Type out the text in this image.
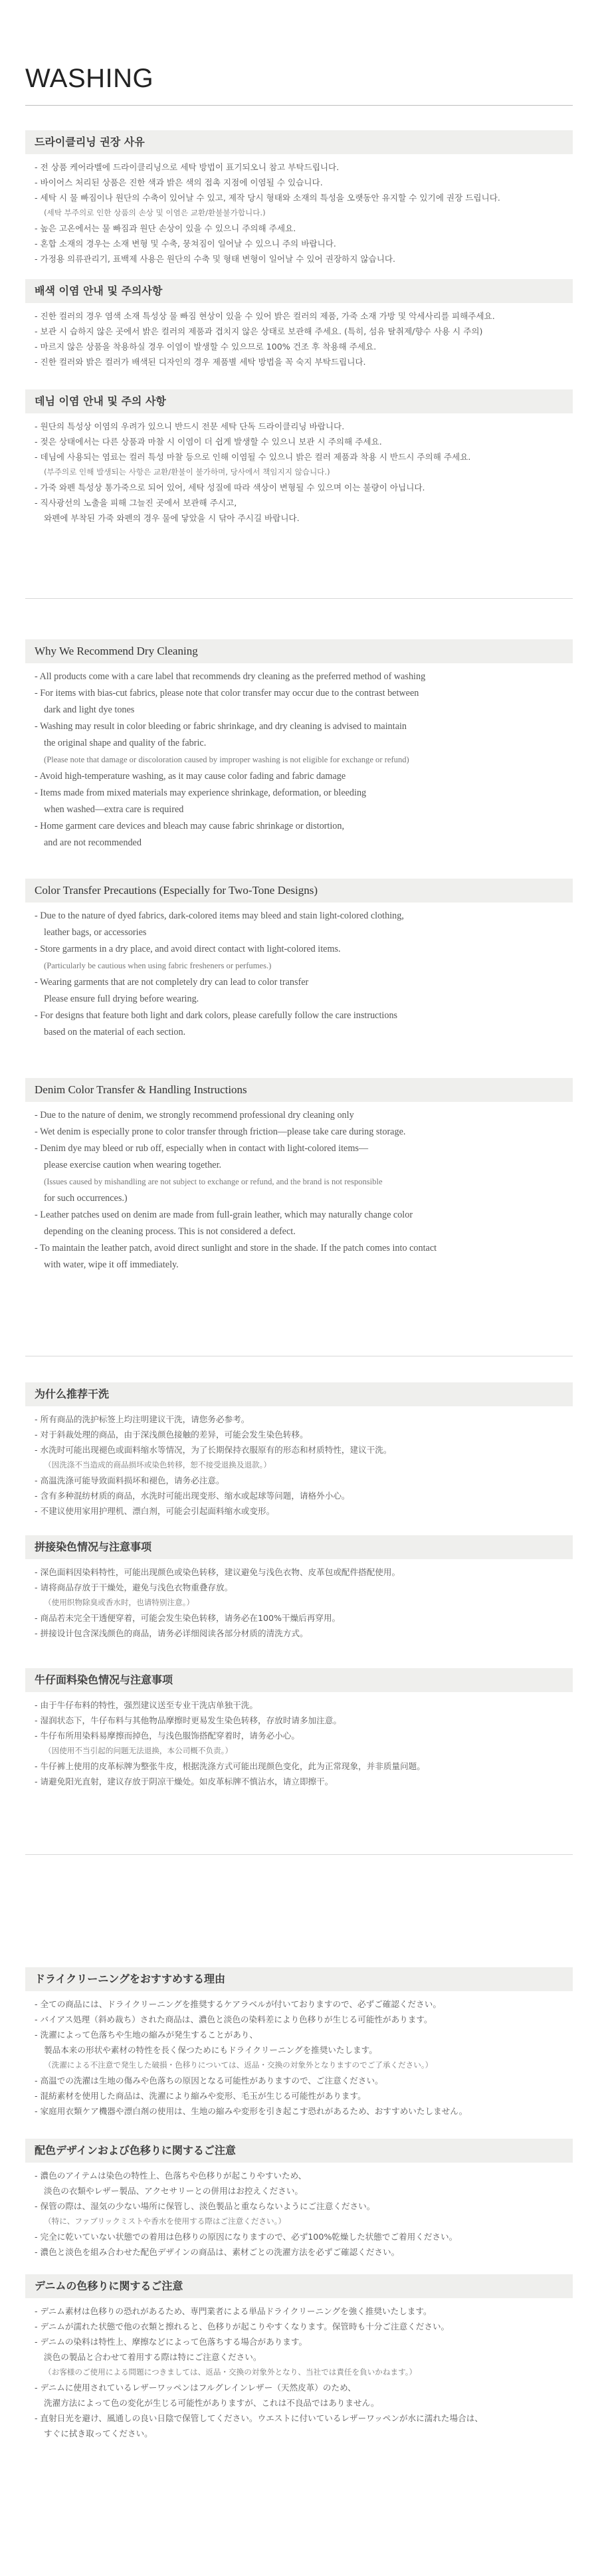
WASHING
드라이클리닝 권장 사유
- 전 상품 케어라벨에 드라이클리닝으로 세탁 방법이 표기되오니 참고 부탁드립니다.
- 바이어스 처리된 상품은 진한 색과 밝은 색의 접촉 지점에 이염될 수 있습니다.
- 세탁 시 물 빠짐이나 원단의 수축이 있어날 수 있고, 제작 당시 형태와 소재의 특성을 오랫동안 유지할 수 있기에 권장 드립니다.
(세탁 부주의로 인한 상품의 손상 및 이염은 교환/환불불가합니다.)
- 높은 고온에서는 물 빠짐과 원단 손상이 있을 수 있으니 주의해 주세요.
- 혼합 소재의 경우는 소재 변형 및 수축, 뭉쳐짐이 일어날 수 있으니 주의 바랍니다.
- 가정용 의류관리기, 표백제 사용은 원단의 수축 및 형태 변형이 일어날 수 있어 권장하지 않습니다.
배색 이염 안내 및 주의사항
- 진한 컬러의 경우 염색 소재 특성상 물 빠짐 현상이 있을 수 있어 밝은 컬러의 제품, 가죽 소재 가방 및 악세사리를 피해주세요.
- 보관 시 습하지 않은 곳에서 밝은 컬러의 제품과 겹치지 않은 상태로 보관해 주세요. (특히, 섬유 탈취제/향수 사용 시 주의)
- 마르지 않은 상품을 착용하실 경우 이염이 발생할 수 있으므로 100% 건조 후 착용해 주세요.
- 진한 컬러와 밝은 컬러가 배색된 디자인의 경우 제품별 세탁 방법을 꼭 숙지 부탁드립니다.
데님 이염 안내 및 주의 사항
- 원단의 특성상 이염의 우려가 있으니 반드시 전문 세탁 단독 드라이클리닝 바랍니다.
- 젖은 상태에서는 다른 상품과 마찰 시 이염이 더 쉽게 발생할 수 있으니 보관 시 주의해 주세요.
- 데님에 사용되는 염료는 컬러 특성 마찰 등으로 인해 이염될 수 있으니 밝은 컬러 제품과 착용 시 반드시 주의해 주세요.
(부주의로 인해 발생되는 사항은 교환/환불이 불가하며, 당사에서 책임지지 않습니다.)
- 가죽 와펜 특성상 통가죽으로 되어 있어, 세탁 성질에 따라 색상이 변형될 수 있으며 이는 불량이 아닙니다.
- 직사광선의 노출을 피해 그늘진 곳에서 보관해 주시고,
와펜에 부착된 가죽 와펜의 경우 물에 닿았을 시 닦아 주시길 바랍니다.
Why We Recommend Dry Cleaning
- All products come with a care label that recommends dry cleaning as the preferred method of washing
- For items with bias-cut fabrics, please note that color transfer may occur due to the contrast between
dark and light dye tones
- Washing may result in color bleeding or fabric shrinkage, and dry cleaning is advised to maintain
the original shape and quality of the fabric.
(Please note that damage or discoloration caused by improper washing is not eligible for exchange or refund)
- Avoid high-temperature washing, as it may cause color fading and fabric damage
- Items made from mixed materials may experience shrinkage, deformation, or bleeding
when washed—extra care is required
- Home garment care devices and bleach may cause fabric shrinkage or distortion,
and are not recommended
Color Transfer Precautions (Especially for Two-Tone Designs)
- Due to the nature of dyed fabrics, dark-colored items may bleed and stain light-colored clothing,
leather bags, or accessories
- Store garments in a dry place, and avoid direct contact with light-colored items.
(Particularly be cautious when using fabric fresheners or perfumes.)
- Wearing garments that are not completely dry can lead to color transfer
Please ensure full drying before wearing.
- For designs that feature both light and dark colors, please carefully follow the care instructions
based on the material of each section.
Denim Color Transfer & Handling Instructions
- Due to the nature of denim, we strongly recommend professional dry cleaning only
- Wet denim is especially prone to color transfer through friction—please take care during storage.
- Denim dye may bleed or rub off, especially when in contact with light-colored items—
please exercise caution when wearing together.
(Issues caused by mishandling are not subject to exchange or refund, and the brand is not responsible
for such occurrences.)
- Leather patches used on denim are made from full-grain leather, which may naturally change color
depending on the cleaning process. This is not considered a defect.
- To maintain the leather patch, avoid direct sunlight and store in the shade. If the patch comes into contact
with water, wipe it off immediately.
为什么推荐干洗
- 所有商品的洗护标签上均注明建议干洗，请您务必参考。
- 对于斜裁处理的商品，由于深浅颜色接触的差异，可能会发生染色转移。
- 水洗时可能出现褪色或面料缩水等情况，为了长期保持衣服原有的形态和材质特性，建议干洗。
（因洗涤不当造成的商品损坏或染色转移，恕不接受退换及退款。）
- 高温洗涤可能导致面料损坏和褪色，请务必注意。
- 含有多种混纺材质的商品，水洗时可能出现变形、缩水或起球等问题，请格外小心。
- 不建议使用家用护理机、漂白剂，可能会引起面料缩水或变形。
拼接染色情况与注意事项
- 深色面料因染料特性，可能出现颜色或染色转移，建议避免与浅色衣物、皮革包或配件搭配使用。
- 请将商品存放于干燥处，避免与浅色衣物重叠存放。
（使用织物除臭或香水时，也请特别注意。）
- 商品若未完全干透便穿着，可能会发生染色转移，请务必在100%干燥后再穿用。
- 拼接设计包含深浅颜色的商品，请务必详细阅读各部分材质的清洗方式。
牛仔面料染色情况与注意事项
- 由于牛仔布料的特性，强烈建议送至专业干洗店单独干洗。
- 湿润状态下，牛仔布料与其他物品摩擦时更易发生染色转移，存放时请多加注意。
- 牛仔布所用染料易摩擦而掉色，与浅色服饰搭配穿着时，请务必小心。
（因使用不当引起的问题无法退换，本公司概不负责。）
- 牛仔裤上使用的皮革标牌为整张牛皮，根据洗涤方式可能出现颜色变化，此为正常现象，并非质量问题。
- 请避免阳光直射，建议存放于阴凉干燥处。如皮革标牌不慎沾水，请立即擦干。
ドライクリーニングをおすすめする理由
- 全ての商品には、ドライクリーニングを推奨するケアラベルが付いておりますので、必ずご確認ください。
- バイアス処理（斜め裁ち）された商品は、濃色と淡色の染料差により色移りが生じる可能性があります。
- 洗濯によって色落ちや生地の縮みが発生することがあり、
製品本来の形状や素材の特性を長く保つためにもドライクリーニングを推奨いたします。
（洗濯による不注意で発生した破損・色移りについては、返品・交換の対象外となりますのでご了承ください。）
- 高温での洗濯は生地の傷みや色落ちの原因となる可能性がありますので、ご注意ください。
- 混紡素材を使用した商品は、洗濯により縮みや変形、毛玉が生じる可能性があります。
- 家庭用衣類ケア機器や漂白剤の使用は、生地の縮みや変形を引き起こす恐れがあるため、おすすめいたしません。
配色デザインおよび色移りに関するご注意
- 濃色のアイテムは染色の特性上、色落ちや色移りが起こりやすいため、
淡色の衣類やレザー製品、アクセサリーとの併用はお控えください。
- 保管の際は、湿気の少ない場所に保管し、淡色製品と重ならないようにご注意ください。
（特に、ファブリックミストや香水を使用する際はご注意ください。）
- 完全に乾いていない状態での着用は色移りの原因になりますので、必ず100%乾燥した状態でご着用ください。
- 濃色と淡色を組み合わせた配色デザインの商品は、素材ごとの洗濯方法を必ずご確認ください。
デニムの色移りに関するご注意
- デニム素材は色移りの恐れがあるため、専門業者による単品ドライクリーニングを強く推奨いたします。
- デニムが濡れた状態で他の衣類と擦れると、色移りが起こりやすくなります。保管時も十分ご注意ください。
- デニムの染料は特性上、摩擦などによって色落ちする場合があります。
淡色の製品と合わせて着用する際は特にご注意ください。
（お客様のご使用による問題につきましては、返品・交換の対象外となり、当社では責任を負いかねます。）
- デニムに使用されているレザーワッペンはフルグレインレザー（天然皮革）のため、
洗濯方法によって色の変化が生じる可能性がありますが、これは不良品ではありません。
- 直射日光を避け、風通しの良い日陰で保管してください。ウエストに付いているレザーワッペンが水に濡れた場合は、
すぐに拭き取ってください。
